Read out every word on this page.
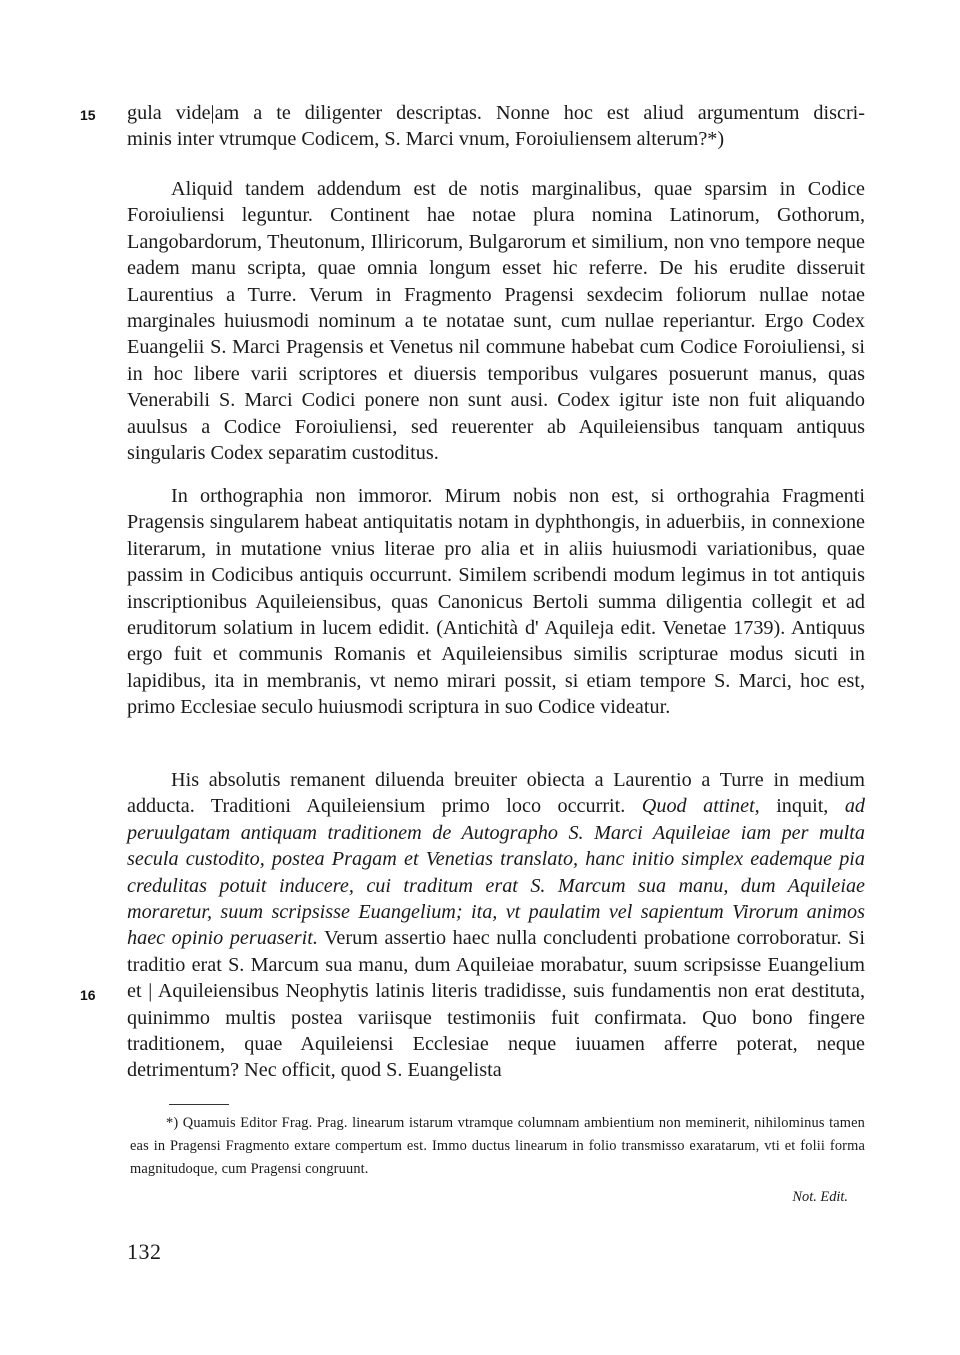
15
16
gula vide|am a te diligenter descriptas. Nonne hoc est aliud argumentum discri-
minis inter vtrumque Codicem, S. Marci vnum, Foroiuliensem alterum?*)

Aliquid tandem addendum est de notis marginalibus, quae sparsim in Codice Foroiuliensi leguntur. Continent hae notae plura nomina Latinorum, Gothorum, Langobardorum, Theutonum, Illiricorum, Bulgarorum et similium, non vno tempore neque eadem manu scripta, quae omnia longum esset hic referre. De his erudite disseruit Laurentius a Turre. Verum in Fragmento Pragensi sexdecim foliorum nullae notae marginales huiusmodi nominum a te notatae sunt, cum nullae reperiantur. Ergo Codex Euangelii S. Marci Pragensis et Venetus nil commune habebat cum Codice Foroiuliensi, si in hoc libere varii scriptores et diuersis temporibus vulgares posuerunt manus, quas Venerabili S. Marci Codici ponere non sunt ausi. Codex igitur iste non fuit aliquando auulsus a Codice Foroiuliensi, sed reuerenter ab Aquileiensibus tanquam antiquus singularis Codex separatim custoditus.

In orthographia non immoror. Mirum nobis non est, si orthograhia Fragmenti Pragensis singularem habeat antiquitatis notam in dyphthongis, in aduerbiis, in connexione literarum, in mutatione vnius literae pro alia et in aliis huiusmodi variationibus, quae passim in Codicibus antiquis occurrunt. Similem scribendi modum legimus in tot antiquis inscriptionibus Aquileiensibus, quas Canonicus Bertoli summa diligentia collegit et ad eruditorum solatium in lucem edidit. (Antichità d' Aquileja edit. Venetae 1739). Antiquus ergo fuit et communis Romanis et Aquileiensibus similis scripturae modus sicuti in lapidibus, ita in membranis, vt nemo mirari possit, si etiam tempore S. Marci, hoc est, primo Ecclesiae seculo huiusmodi scriptura in suo Codice videatur.

His absolutis remanent diluenda breuiter obiecta a Laurentio a Turre in medium adducta. Traditioni Aquileiensium primo loco occurrit. Quod attinet, inquit, ad peruulgatam antiquam traditionem de Autographo S. Marci Aquileiae iam per multa secula custodito, postea Pragam et Venetias translato, hanc initio simplex eademque pia credulitas potuit inducere, cui traditum erat S. Marcum sua manu, dum Aquileiae moraretur, suum scripsisse Euangelium; ita, vt paulatim vel sapientum Virorum animos haec opinio peruaserit. Verum assertio haec nulla concludenti probatione corroboratur. Si traditio erat S. Marcum sua manu, dum Aquileiae morabatur, suum scripsisse Euangelium et | Aquileiensibus Neophytis latinis literis tradidisse, suis fundamentis non erat destituta, quinimmo multis postea variisque testimoniis fuit confirmata. Quo bono fingere traditionem, quae Aquileiensi Ecclesiae neque iuuamen afferre poterat, neque detrimentum? Nec officit, quod S. Euangelista

*) Quamuis Editor Frag. Prag. linearum istarum vtramque columnam ambientium non meminerit, nihilominus tamen eas in Pragensi Fragmento extare compertum est. Immo ductus linearum in folio transmisso exaratarum, vti et folii forma magnitudoque, cum Pragensi congruunt.

Not. Edit.
132
